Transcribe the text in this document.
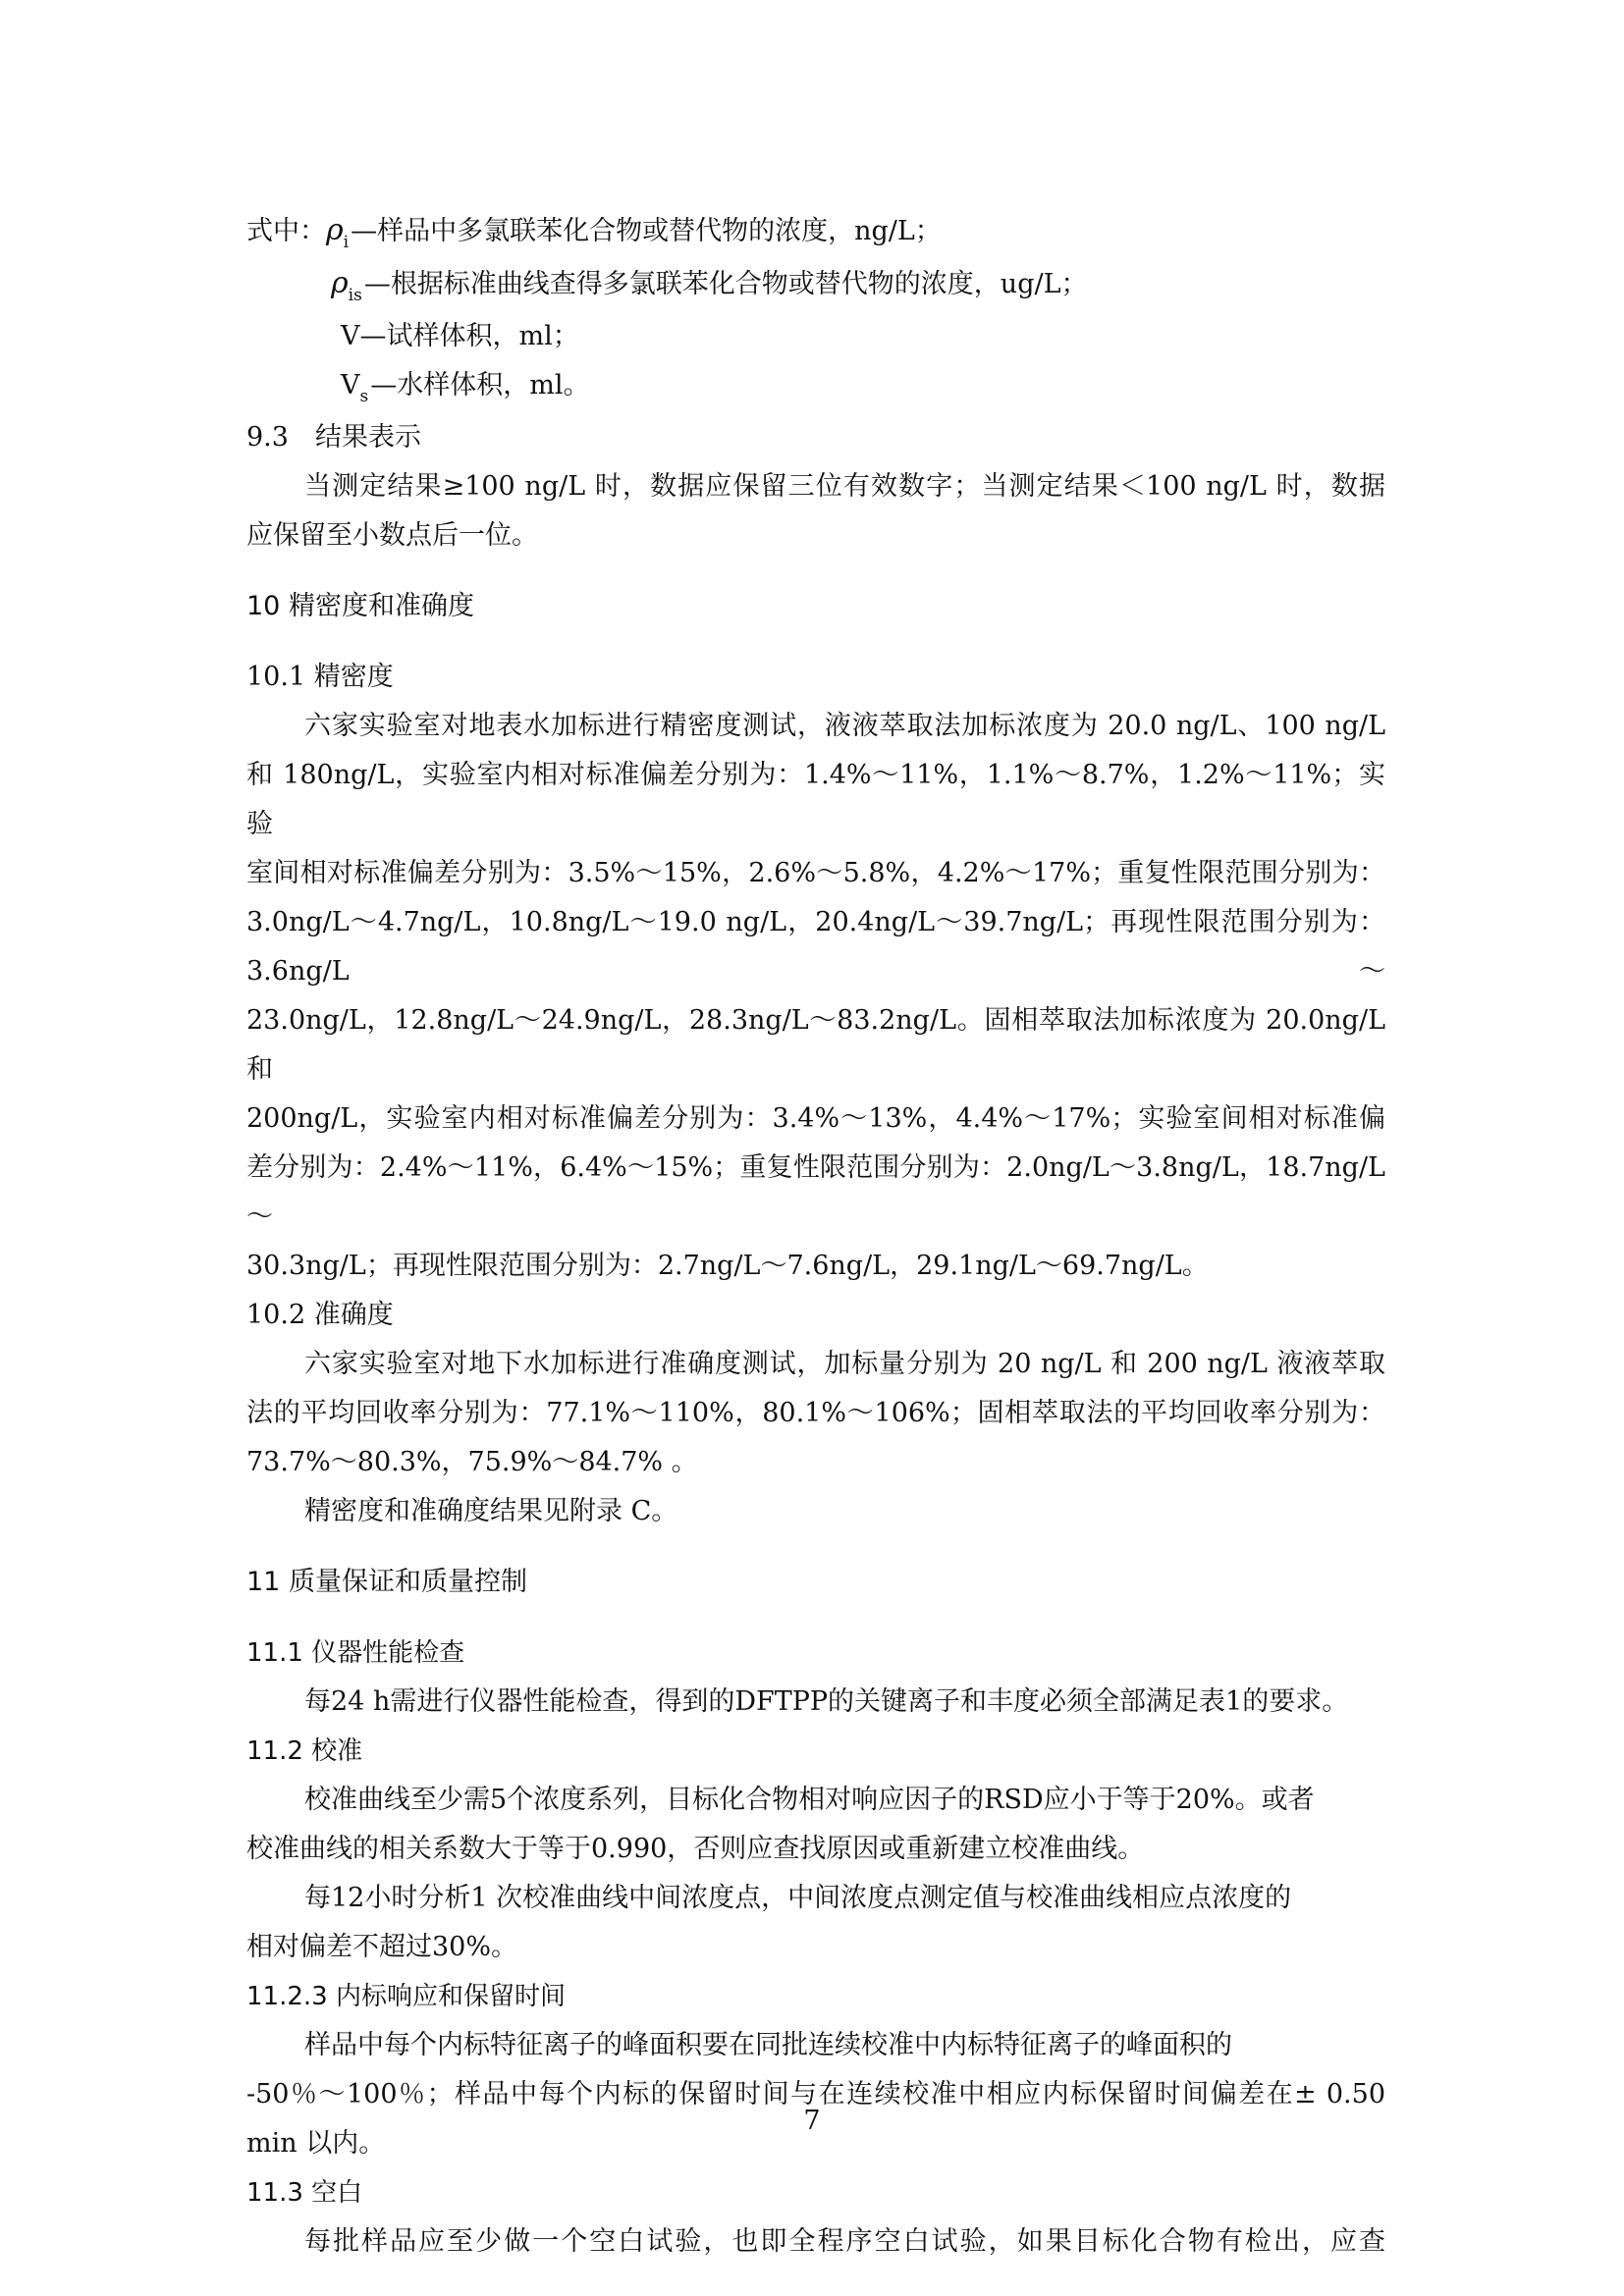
式中：$\rho_i—$样品中多氯联苯化合物或替代物的浓度，ng/L；

$\rho_{is}—$根据标准曲线查得多氯联苯化合物或替代物的浓度，ug/L；

V—试样体积，ml；

$V_s—$水样体积，ml。

9.3　结果表示

当测定结果≥100 ng/L 时，数据应保留三位有效数字；当测定结果＜100 ng/L 时，数据

应保留至小数点后一位。

10 精密度和准确度

10.1 精密度

六家实验室对地表水加标进行精密度测试，液液萃取法加标浓度为 20.0 ng/L、100 ng/L

和 180ng/L，实验室内相对标准偏差分别为：1.4%～11%，1.1%～8.7%，1.2%～11%；实验

室间相对标准偏差分别为：3.5%～15%，2.6%～5.8%，4.2%～17%；重复性限范围分别为：

3.0ng/L～4.7ng/L，10.8ng/L～19.0 ng/L，20.4ng/L～39.7ng/L；再现性限范围分别为：3.6ng/L～

23.0ng/L，12.8ng/L～24.9ng/L，28.3ng/L～83.2ng/L。固相萃取法加标浓度为 20.0ng/L 和

200ng/L，实验室内相对标准偏差分别为：3.4%～13%，4.4%～17%；实验室间相对标准偏

差分别为：2.4%～11%，6.4%～15%；重复性限范围分别为：2.0ng/L～3.8ng/L，18.7ng/L～

30.3ng/L；再现性限范围分别为：2.7ng/L～7.6ng/L，29.1ng/L～69.7ng/L。

10.2 准确度

六家实验室对地下水加标进行准确度测试，加标量分别为 20 ng/L 和 200 ng/L 液液萃取

法的平均回收率分别为：77.1%～110%，80.1%～106%；固相萃取法的平均回收率分别为：

73.7%～80.3%，75.9%～84.7% 。

精密度和准确度结果见附录 C。

11 质量保证和质量控制

11.1 仪器性能检查

每24 h需进行仪器性能检查，得到的DFTPP的关键离子和丰度必须全部满足表1的要求。

11.2 校准

校准曲线至少需5个浓度系列，目标化合物相对响应因子的RSD应小于等于20%。或者

校准曲线的相关系数大于等于0.990，否则应查找原因或重新建立校准曲线。

每12小时分析1 次校准曲线中间浓度点，中间浓度点测定值与校准曲线相应点浓度的

相对偏差不超过30%。

11.2.3 内标响应和保留时间

样品中每个内标特征离子的峰面积要在同批连续校准中内标特征离子的峰面积的

-50％～100％；样品中每个内标的保留时间与在连续校准中相应内标保留时间偏差在± 0.50

min 以内。

11.3 空白

每批样品应至少做一个空白试验，也即全程序空白试验，如果目标化合物有检出，应查

7
